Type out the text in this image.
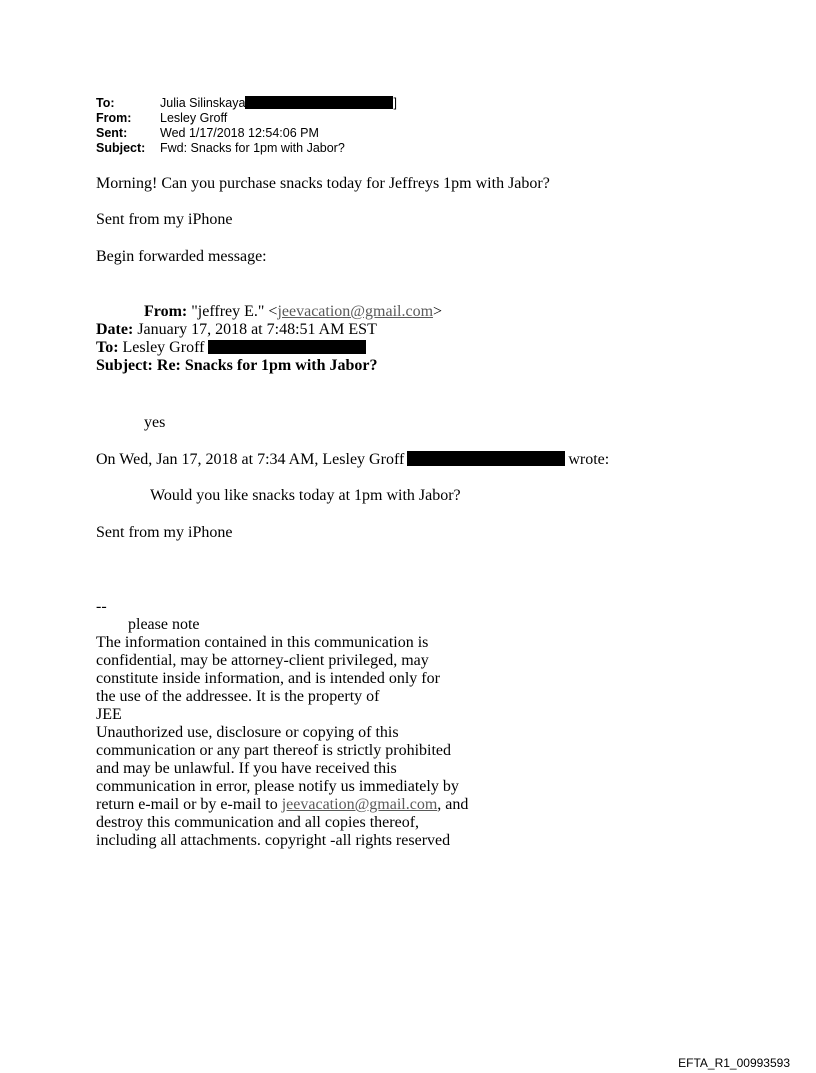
To:	Julia Silinskaya	]
From:	Lesley Groff
Sent:	Wed 1/17/2018 12:54:06 PM
Subject:	Fwd: Snacks for 1pm with Jabor?
Morning! Can you purchase snacks today for Jeffreys 1pm with Jabor?
Sent from my iPhone
Begin forwarded message:
From: "jeffrey E." <jeevacation@gmail.com>
Date: January 17, 2018 at 7:48:51 AM EST
To: Lesley Groff
Subject: Re: Snacks for 1pm with Jabor?
yes
On Wed, Jan 17, 2018 at 7:34 AM, Lesley Groff	wrote:
Would you like snacks today at 1pm with Jabor?
Sent from my iPhone
--
please note
The information contained in this communication is
confidential, may be attorney-client privileged, may
constitute inside information, and is intended only for
the use of the addressee. It is the property of
JEE
Unauthorized use, disclosure or copying of this
communication or any part thereof is strictly prohibited
and may be unlawful. If you have received this
communication in error, please notify us immediately by
return e-mail or by e-mail to jeevacation@gmail.com, and
destroy this communication and all copies thereof,
including all attachments. copyright -all rights reserved
EFTA_R1_00993593
